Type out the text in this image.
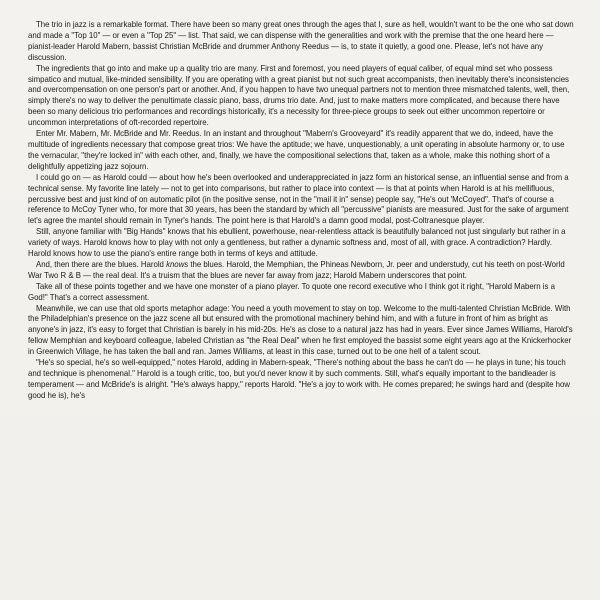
The trio in jazz is a remarkable format. There have been so many great ones through the ages that I, sure as hell, wouldn't want to be the one who sat down and made a "Top 10" — or even a "Top 25" — list. That said, we can dispense with the generalities and work with the premise that the one heard here — pianist-leader Harold Mabern, bassist Christian McBride and drummer Anthony Reedus — is, to state it quietly, a good one. Please, let's not have any discussion.

The ingredients that go into and make up a quality trio are many. First and foremost, you need players of equal caliber, of equal mind set who possess simpatico and mutual, like-minded sensibility. If you are operating with a great pianist but not such great accompanists, then inevitably there's inconsistencies and overcompensation on one person's part or another. And, if you happen to have two unequal partners not to mention three mismatched talents, well, then, simply there's no way to deliver the penultimate classic piano, bass, drums trio date. And, just to make matters more complicated, and because there have been so many delicious trio performances and recordings historically, it's a necessity for three-piece groups to seek out either uncommon repertoire or uncommon interpretations of oft-recorded repertoire.

Enter Mr. Mabern, Mr. McBride and Mr. Reedus. In an instant and throughout "Mabern's Grooveyard" it's readily apparent that we do, indeed, have the multitude of ingredients necessary that compose great trios: We have the aptitude; we have, unquestionably, a unit operating in absolute harmony or, to use the vernacular, "they're locked in" with each other, and, finally, we have the compositional selections that, taken as a whole, make this nothing short of a delightfully appetizing jazz sojourn.

I could go on — as Harold could — about how he's been overlooked and underappreciated in jazz form an historical sense, an influential sense and from a technical sense. My favorite line lately — not to get into comparisons, but rather to place into context — is that at points when Harold is at his mellifluous, percussive best and just kind of on automatic pilot (in the positive sense, not in the "mail it in" sense) people say, "He's out 'McCoyed". That's of course a reference to McCoy Tyner who, for more that 30 years, has been the standard by which all "percussive" pianists are measured. Just for the sake of argument let's agree the mantel should remain in Tyner's hands. The point here is that Harold's a damn good modal, post-Coltranesque player.

Still, anyone familiar with "Big Hands" knows that his ebullient, powerhouse, near-relentless attack is beautifully balanced not just singularly but rather in a variety of ways. Harold knows how to play with not only a gentleness, but rather a dynamic softness and, most of all, with grace. A contradiction? Hardly. Harold knows how to use the piano's entire range both in terms of keys and attitude.

And, then there are the blues. Harold knows the blues. Harold, the Memphian, the Phineas Newborn, Jr. peer and understudy, cut his teeth on post-World War Two R & B — the real deal. It's a truism that the blues are never far away from jazz; Harold Mabern underscores that point.

Take all of these points together and we have one monster of a piano player. To quote one record executive who I think got it right, "Harold Mabern is a God!" That's a correct assessment.

Meanwhile, we can use that old sports metaphor adage: You need a youth movement to stay on top. Welcome to the multi-talented Christian McBride. With the Philadelphian's presence on the jazz scene all but ensured with the promotional machinery behind him, and with a future in front of him as bright as anyone's in jazz, it's easy to forget that Christian is barely in his mid-20s. He's as close to a natural jazz has had in years. Ever since James Williams, Harold's fellow Memphian and keyboard colleague, labeled Christian as "the Real Deal" when he first employed the bassist some eight years ago at the Knickerhocker in Greenwich Village, he has taken the ball and ran. James Williams, at least in this case, turned out to be one hell of a talent scout.

"He's so special, he's so well-equipped," notes Harold, adding in Mabern-speak, "There's nothing about the bass he can't do — he plays in tune; his touch and technique is phenomenal." Harold is a tough critic, too, but you'd never know it by such comments. Still, what's equally important to the bandleader is temperament — and McBride's is alright. "He's always happy," reports Harold. "He's a joy to work with. He comes prepared; he swings hard and (despite how good he is), he's
